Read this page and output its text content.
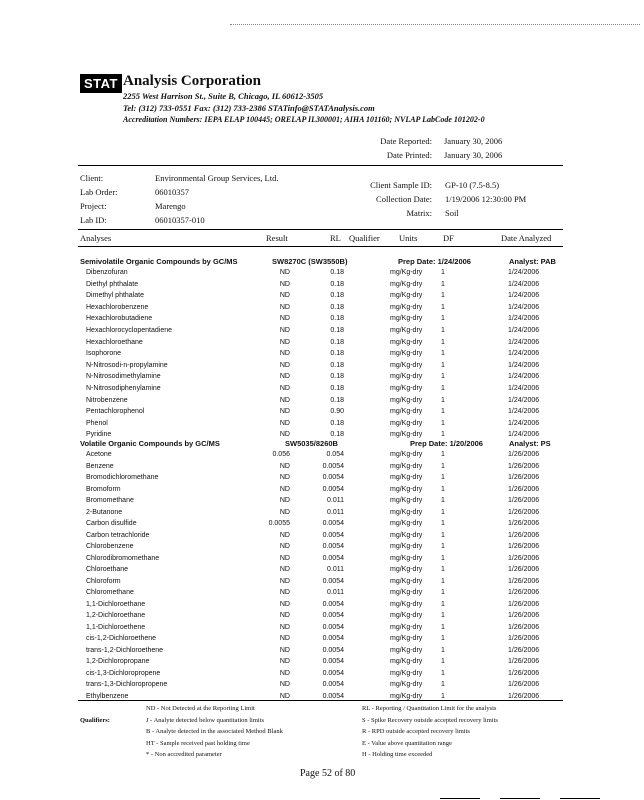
STAT Analysis Corporation
2255 West Harrison St., Suite B, Chicago, IL 60612-3505
Tel: (312) 733-0551 Fax: (312) 733-2386 STATinfo@STATAnalysis.com
Accreditation Numbers: IEPA ELAP 100445; ORELAP IL300001; AIHA 101160; NVLAP LabCode 101202-0
Date Reported: January 30, 2006
Date Printed: January 30, 2006
Client:	Environmental Group Services, Ltd.
Lab Order:	06010357
Project:	Marengo
Lab ID:	06010357-010
Client Sample ID: GP-10 (7.5-8.5)
Collection Date: 1/19/2006 12:30:00 PM
Matrix: Soil
Analyses	Result	RL Qualifier Units	DF	Date Analyzed
Semivolatile Organic Compounds by GC/MS	SW8270C (SW3550B)	Prep Date: 1/24/2006	Analyst: PAB
Dibenzofuran	ND	0.18	mg/Kg-dry	1	1/24/2006
Diethyl phthalate	ND	0.18	mg/Kg-dry	1	1/24/2006
Dimethyl phthalate	ND	0.18	mg/Kg-dry	1	1/24/2006
Hexachlorobenzene	ND	0.18	mg/Kg-dry	1	1/24/2006
Hexachlorobutadiene	ND	0.18	mg/Kg-dry	1	1/24/2006
Hexachlorocyclopentadiene	ND	0.18	mg/Kg-dry	1	1/24/2006
Hexachloroethane	ND	0.18	mg/Kg-dry	1	1/24/2006
Isophorone	ND	0.18	mg/Kg-dry	1	1/24/2006
N-Nitrosodi-n-propylamine	ND	0.18	mg/Kg-dry	1	1/24/2006
N-Nitrosodimethylamine	ND	0.18	mg/Kg-dry	1	1/24/2006
N-Nitrosodiphenylamine	ND	0.18	mg/Kg-dry	1	1/24/2006
Nitrobenzene	ND	0.18	mg/Kg-dry	1	1/24/2006
Pentachlorophenol	ND	0.90	mg/Kg-dry	1	1/24/2006
Phenol	ND	0.18	mg/Kg-dry	1	1/24/2006
Pyridine	ND	0.18	mg/Kg-dry	1	1/24/2006
Volatile Organic Compounds by GC/MS	SW5035/8260B	Prep Date: 1/20/2006	Analyst: PS
Acetone	0.056	0.054	mg/Kg-dry	1	1/26/2006
Benzene	ND	0.0054	mg/Kg-dry	1	1/26/2006
Bromodichloromethane	ND	0.0054	mg/Kg-dry	1	1/26/2006
Bromoform	ND	0.0054	mg/Kg-dry	1	1/26/2006
Bromomethane	ND	0.011	mg/Kg-dry	1	1/26/2006
2-Butanone	ND	0.011	mg/Kg-dry	1	1/26/2006
Carbon disulfide	0.0055	0.0054	mg/Kg-dry	1	1/26/2006
Carbon tetrachloride	ND	0.0054	mg/Kg-dry	1	1/26/2006
Chlorobenzene	ND	0.0054	mg/Kg-dry	1	1/26/2006
Chlorodibromomethane	ND	0.0054	mg/Kg-dry	1	1/26/2006
Chloroethane	ND	0.011	mg/Kg-dry	1	1/26/2006
Chloroform	ND	0.0054	mg/Kg-dry	1	1/26/2006
Chloromethane	ND	0.011	mg/Kg-dry	1	1/26/2006
1,1-Dichloroethane	ND	0.0054	mg/Kg-dry	1	1/26/2006
1,2-Dichloroethane	ND	0.0054	mg/Kg-dry	1	1/26/2006
1,1-Dichloroethene	ND	0.0054	mg/Kg-dry	1	1/26/2006
cis-1,2-Dichloroethene	ND	0.0054	mg/Kg-dry	1	1/26/2006
trans-1,2-Dichloroethene	ND	0.0054	mg/Kg-dry	1	1/26/2006
1,2-Dichloropropane	ND	0.0054	mg/Kg-dry	1	1/26/2006
cis-1,3-Dichloropropene	ND	0.0054	mg/Kg-dry	1	1/26/2006
trans-1,3-Dichloropropene	ND	0.0054	mg/Kg-dry	1	1/26/2006
Ethylbenzene	ND	0.0054	mg/Kg-dry	1	1/26/2006
Qualifiers:
ND - Not Detected at the Reporting Limit
J - Analyte detected below quantitation limits
B - Analyte detected in the associated Method Blank
HT - Sample received past holding time
* - Non accredited parameter
RL - Reporting / Quantitation Limit for the analysis
S - Spike Recovery outside accepted recovery limits
R - RPD outside accepted recovery limits
E - Value above quantitation range
H - Holding time exceeded
Page 52 of 80
